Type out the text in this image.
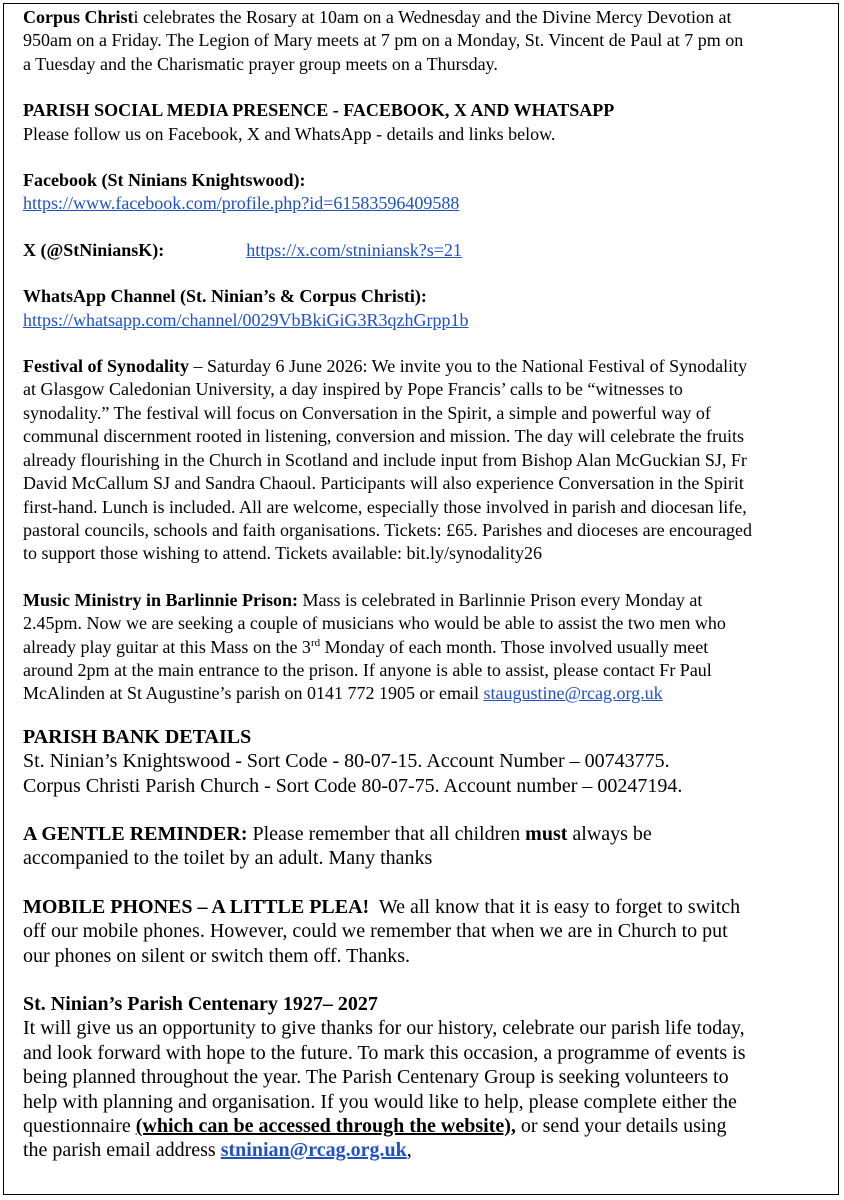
Corpus Christi celebrates the Rosary at 10am on a Wednesday and the Divine Mercy Devotion at

950am on a Friday. The Legion of Mary meets at 7 pm on a Monday, St. Vincent de Paul at 7 pm on

a Tuesday and the Charismatic prayer group meets on a Thursday.

PARISH SOCIAL MEDIA PRESENCE - FACEBOOK, X AND WHATSAPP

Please follow us on Facebook, X and WhatsApp - details and links below.

Facebook (St Ninians Knightswood):

https://www.facebook.com/profile.php?id=61583596409588

X (@StNiniansK):	https://x.com/stniniansk?s=21

WhatsApp Channel (St. Ninian’s & Corpus Christi):

https://whatsapp.com/channel/0029VbBkiGiG3R3qzhGrpp1b

Festival of Synodality – Saturday 6 June 2026: We invite you to the National Festival of Synodality

at Glasgow Caledonian University, a day inspired by Pope Francis’ calls to be “witnesses to

synodality.” The festival will focus on Conversation in the Spirit, a simple and powerful way of

communal discernment rooted in listening, conversion and mission. The day will celebrate the fruits

already flourishing in the Church in Scotland and include input from Bishop Alan McGuckian SJ, Fr

David McCallum SJ and Sandra Chaoul. Participants will also experience Conversation in the Spirit

first-hand. Lunch is included. All are welcome, especially those involved in parish and diocesan life,

pastoral councils, schools and faith organisations. Tickets: £65. Parishes and dioceses are encouraged

to support those wishing to attend. Tickets available: bit.ly/synodality26

Music Ministry in Barlinnie Prison: Mass is celebrated in Barlinnie Prison every Monday at

2.45pm. Now we are seeking a couple of musicians who would be able to assist the two men who

already play guitar at this Mass on the 3rd Monday of each month. Those involved usually meet

around 2pm at the main entrance to the prison. If anyone is able to assist, please contact Fr Paul

McAlinden at St Augustine’s parish on 0141 772 1905 or email staugustine@rcag.org.uk

PARISH BANK DETAILS

St. Ninian’s Knightswood - Sort Code - 80-07-15. Account Number – 00743775.

Corpus Christi Parish Church - Sort Code 80-07-75. Account number – 00247194.

A GENTLE REMINDER: Please remember that all children must always be

accompanied to the toilet by an adult. Many thanks

MOBILE PHONES – A LITTLE PLEA!  We all know that it is easy to forget to switch

off our mobile phones. However, could we remember that when we are in Church to put

our phones on silent or switch them off. Thanks.

St. Ninian’s Parish Centenary 1927– 2027

It will give us an opportunity to give thanks for our history, celebrate our parish life today,

and look forward with hope to the future. To mark this occasion, a programme of events is

being planned throughout the year. The Parish Centenary Group is seeking volunteers to

help with planning and organisation. If you would like to help, please complete either the

questionnaire (which can be accessed through the website), or send your details using

the parish email address stninian@rcag.org.uk,
